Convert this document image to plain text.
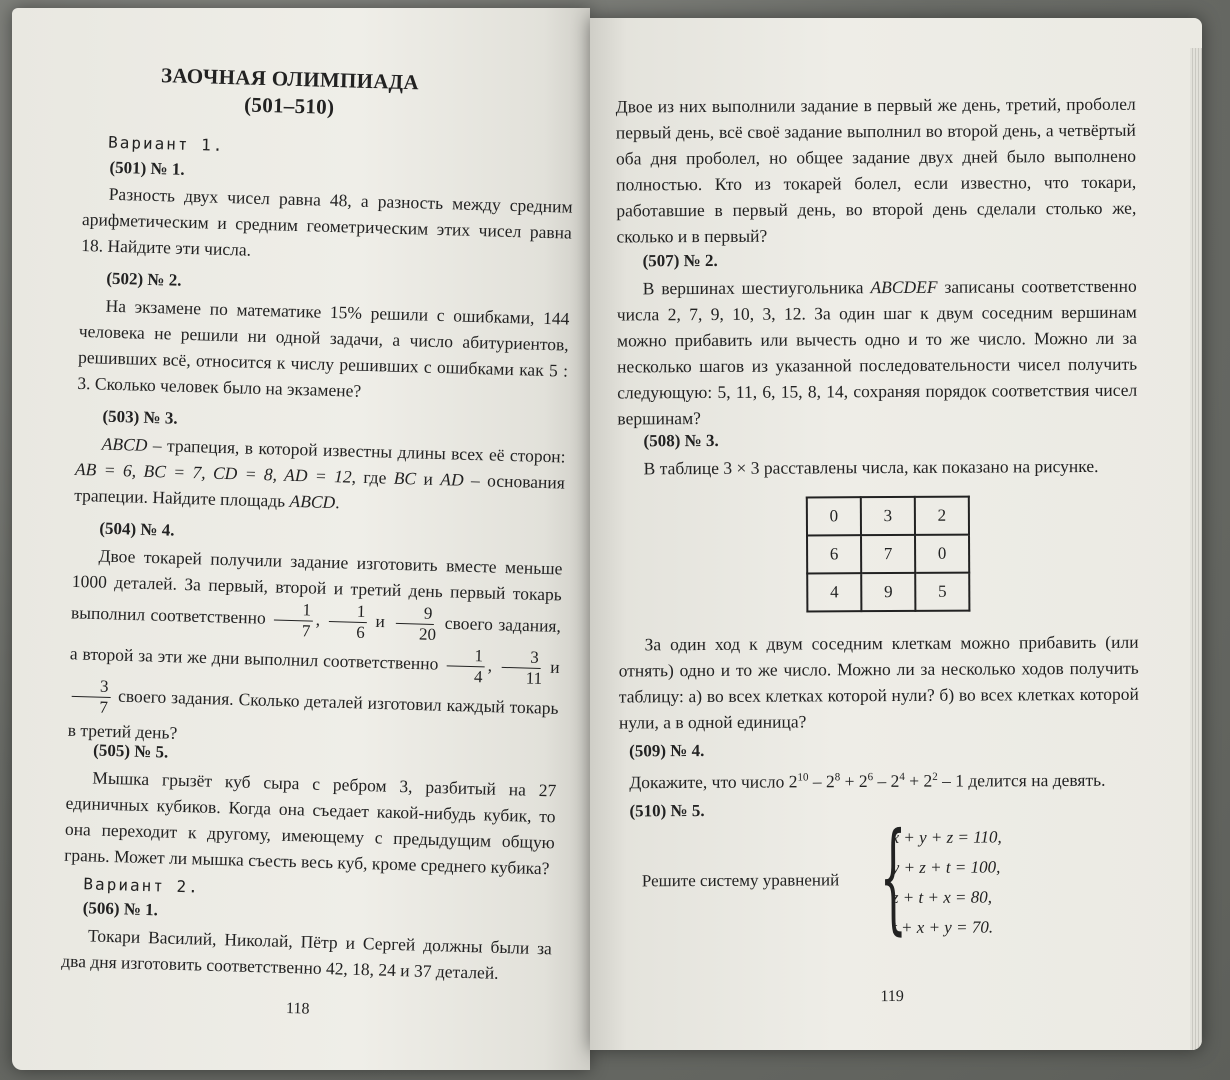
ЗАОЧНАЯ ОЛИМПИАДА
(501–510)
Вариант 1.
(501) № 1.
Разность двух чисел равна 48, а разность между средним арифметическим и средним геометрическим этих чисел равна 18. Найдите эти числа.
(502) № 2.
На экзамене по математике 15% решили с ошибками, 144 человека не решили ни одной задачи, а число абитуриентов, решивших всё, относится к числу решивших с ошибками как 5 : 3. Сколько человек было на экзамене?
(503) № 3.
ABCD – трапеция, в которой известны длины всех её сторон: AB = 6, BC = 7, CD = 8, AD = 12, где BC и AD – основания трапеции. Найдите площадь ABCD.
(504) № 4.
Двое токарей получили задание изготовить вместе меньше 1000 деталей. За первый, второй и третий день первый токарь выполнил соответственно $\frac{1}{7}$ , $\frac{1}{6}$ и $\frac{9}{20}$ своего задания, а второй за эти же дни выполнил соответственно $\frac{1}{4}$ , $\frac{3}{11}$ и
$\frac{3}{7}$ своего задания. Сколько деталей изготовил каждый токарь в третий день?
(505) № 5.
Мышка грызёт куб сыра с ребром 3, разбитый на 27 единичных кубиков. Когда она съедает какой-нибудь кубик, то она переходит к другому, имеющему с предыдущим общую грань. Может ли мышка съесть весь куб, кроме среднего кубика?
Вариант 2.
(506) № 1.
Токари Василий, Николай, Пётр и Сергей должны были за два дня изготовить соответственно 42, 18, 24 и 37 деталей.
118
Двое из них выполнили задание в первый же день, третий, проболел первый день, всё своё задание выполнил во второй день, а четвёртый оба дня проболел, но общее задание двух дней было выполнено полностью. Кто из токарей болел, если известно, что токари, работавшие в первый день, во второй день сделали столько же, сколько и в первый?
(507) № 2.
В вершинах шестиугольника ABCDEF записаны соответственно числа 2, 7, 9, 10, 3, 12. За один шаг к двум соседним вершинам можно прибавить или вычесть одно и то же число. Можно ли за несколько шагов из указанной последовательности чисел получить следующую: 5, 11, 6, 15, 8, 14, сохраняя порядок соответствия чисел вершинам?
(508) № 3.
В таблице 3 × 3 расставлены числа, как показано на рисунке.
0	3	2
6	7	0
4	9	5
За один ход к двум соседним клеткам можно прибавить (или отнять) одно и то же число. Можно ли за несколько ходов получить таблицу: а) во всех клетках которой нули? б) во всех клетках которой нули, а в одной единица?
(509) № 4.
Докажите, что число $2^{10} - 2^8 + 2^6 - 2^4 + 2^2 - 1$ делится на девять.
(510) № 5.
Решите систему уравнений {
x + y + z = 110,
y + z + t = 100,
z + t + x = 80,
t + x + y = 70.
119
